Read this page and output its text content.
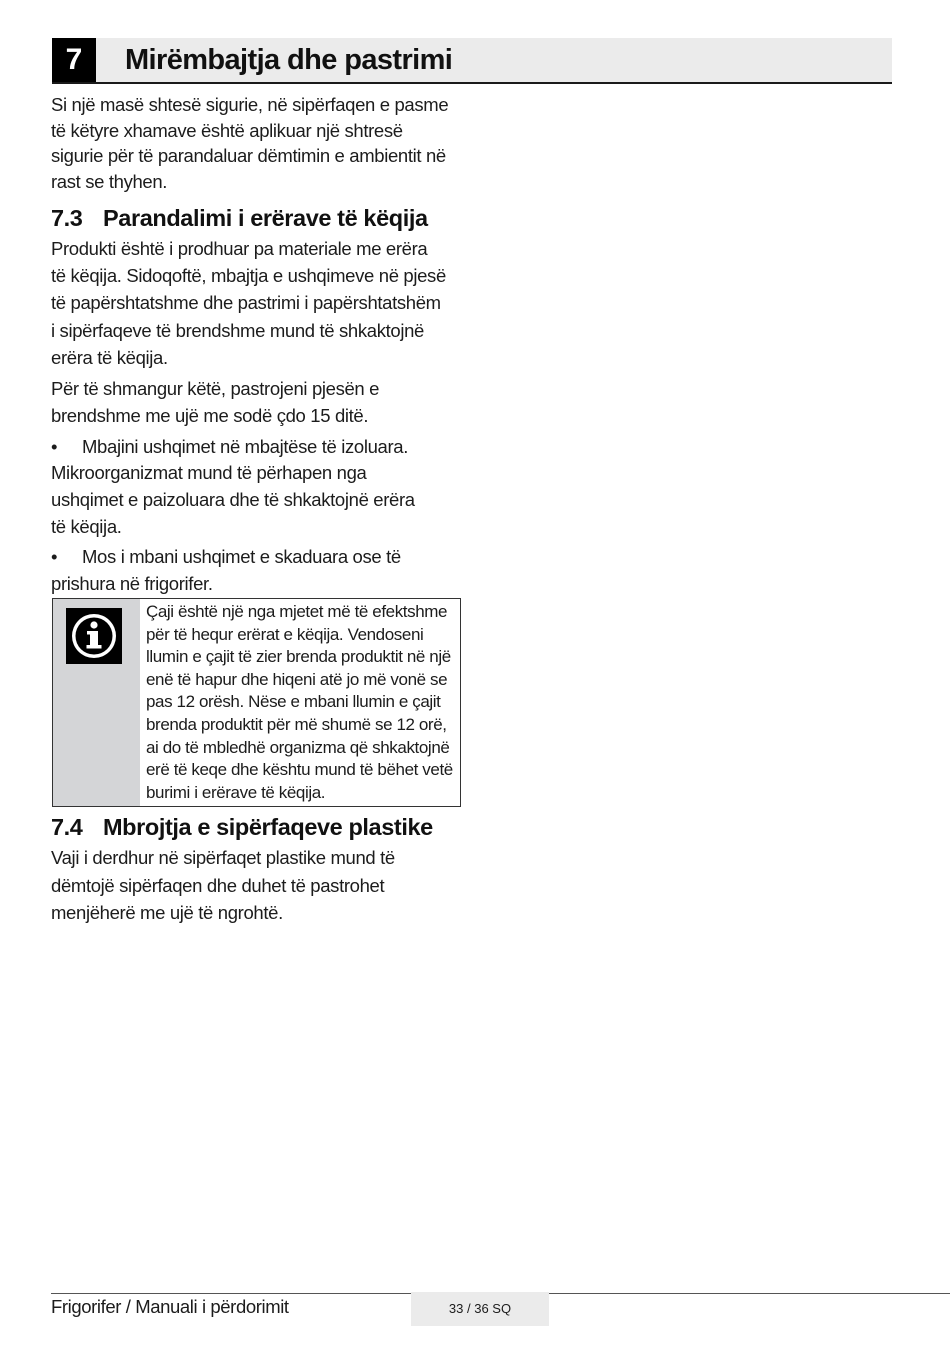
7	Mirëmbajtja dhe pastrimi

Si një masë shtesë sigurie, në sipërfaqen e pasme
të këtyre xhamave është aplikuar një shtresë
sigurie për të parandaluar dëmtimin e ambientit në
rast se thyhen.

7.3 Parandalimi i erërave të këqija

Produkti është i prodhuar pa materiale me erëra
të këqija. Sidoqoftë, mbajtja e ushqimeve në pjesë
të papërshtatshme dhe pastrimi i papërshtatshëm
i sipërfaqeve të brendshme mund të shkaktojnë
erëra të këqija.

Për të shmangur këtë, pastrojeni pjesën e
brendshme me ujë me sodë çdo 15 ditë.

• Mbajini ushqimet në mbajtëse të izoluara.

Mikroorganizmat mund të përhapen nga
ushqimet e paizoluara dhe të shkaktojnë erëra
të këqija.

• Mos i mbani ushqimet e skaduara ose të

prishura në frigorifer.

Çaji është një nga mjetet më të efektshme
për të hequr erërat e këqija. Vendoseni
llumin e çajit të zier brenda produktit në një
enë të hapur dhe hiqeni atë jo më vonë se
pas 12 orësh. Nëse e mbani llumin e çajit
brenda produktit për më shumë se 12 orë,
ai do të mbledhë organizma që shkaktojnë
erë të keqe dhe kështu mund të bëhet vetë
burimi i erërave të këqija.
7.4 Mbrojtja e sipërfaqeve plastike

Vaji i derdhur në sipërfaqet plastike mund të
dëmtojë sipërfaqen dhe duhet të pastrohet
menjëherë me ujë të ngrohtë.

Frigorifer / Manuali i përdorimit	33 / 36 SQ
